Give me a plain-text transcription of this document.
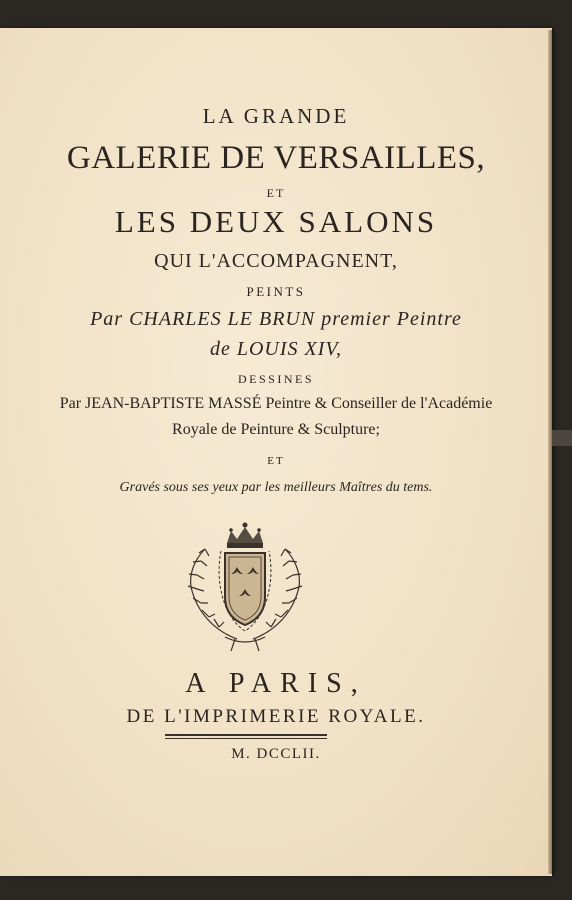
LA GRANDE
GALERIE DE VERSAILLES,
ET
LES DEUX SALONS
QUI L'ACCOMPAGNENT,
PEINTS
Par CHARLES LE BRUN premier Peintre
de LOUIS XIV,
DESSINES
Par JEAN-BAPTISTE MASSÉ Peintre & Conseiller de l'Académie
Royale de Peinture & Sculpture;
ET
Gravés sous ses yeux par les meilleurs Maîtres du tems.
A PARIS,
DE L'IMPRIMERIE ROYALE.
M. DCCLII.
